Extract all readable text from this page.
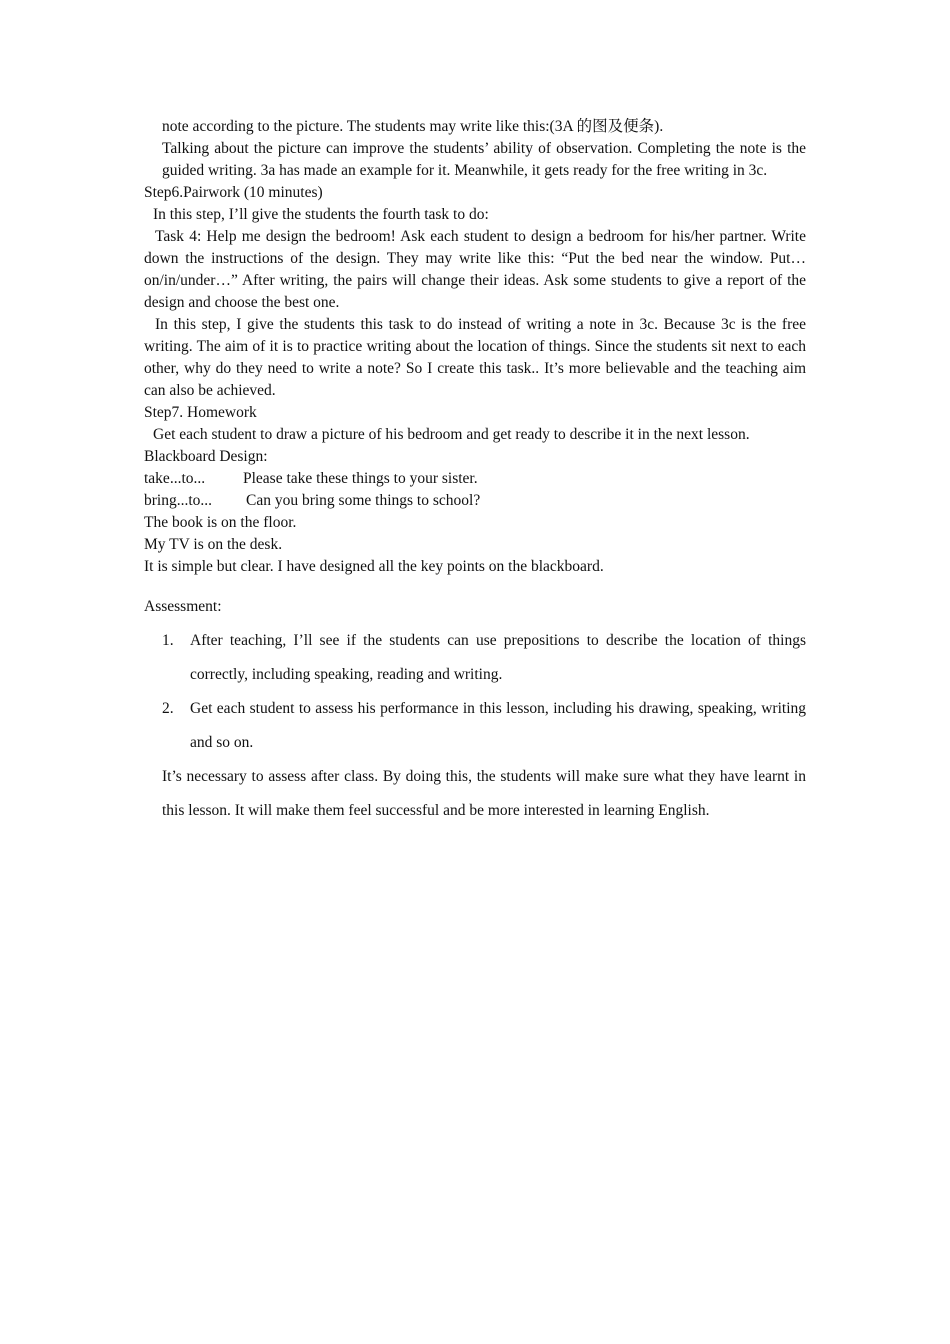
note according to the picture. The students may write like this:(3A 的图及便条).

Talking about the picture can improve the students’ ability of observation. Completing the note is the guided writing. 3a has made an example for it. Meanwhile, it gets ready for the free writing in 3c.

Step6.Pairwork (10 minutes)

In this step, I’ll give the students the fourth task to do:

Task 4: Help me design the bedroom! Ask each student to design a bedroom for his/her partner. Write down the instructions of the design. They may write like this: “Put the bed near the window. Put…on/in/under…” After writing, the pairs will change their ideas. Ask some students to give a report of the design and choose the best one.

In this step, I give the students this task to do instead of writing a note in 3c. Because 3c is the free writing. The aim of it is to practice writing about the location of things. Since the students sit next to each other, why do they need to write a note? So I create this task.. It’s more believable and the teaching aim can also be achieved.

Step7. Homework

Get each student to draw a picture of his bedroom and get ready to describe it in the next lesson.

Blackboard Design:

take...to... Please take these things to your sister.

bring...to... Can you bring some things to school?

The book is on the floor.

My TV is on the desk.

It is simple but clear. I have designed all the key points on the blackboard.

Assessment:

1. After teaching, I’ll see if the students can use prepositions to describe the location of things correctly, including speaking, reading and writing.
2. Get each student to assess his performance in this lesson, including his drawing, speaking, writing and so on.

It’s necessary to assess after class. By doing this, the students will make sure what they have learnt in this lesson. It will make them feel successful and be more interested in learning English.
